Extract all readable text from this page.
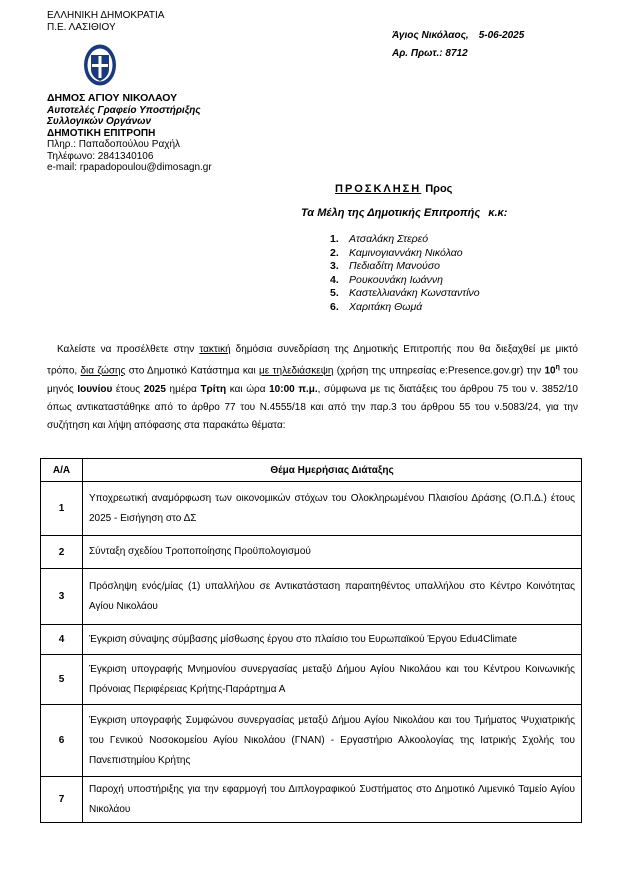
ΕΛΛΗΝΙΚΗ ΔΗΜΟΚΡΑΤΙΑ
Π.Ε. ΛΑΣΙΘΙΟΥ
ΔΗΜΟΣ ΑΓΙΟΥ ΝΙΚΟΛΑΟΥ
Αυτοτελές Γραφείο Υποστήριξης
Συλλογικών Οργάνων
ΔΗΜΟΤΙΚΗ ΕΠΙΤΡΟΠΗ
Πληρ.: Παπαδοπούλου Ραχήλ
Τηλέφωνο: 2841340106
e-mail: rpapadopoulou@dimosagn.gr
Άγιος Νικόλαος, 5-06-2025
Αρ. Πρωτ.: 8712
ΠΡΟΣΚΛΗΣΗ Προς
Τα Μέλη της Δημοτικής Επιτροπής κ.κ:
1. Ατσαλάκη Στερεό
2. Καμινογιαννάκη Νικόλαο
3. Πεδιαδίτη Μανούσο
4. Ρουκουνάκη Ιωάννη
5. Καστελλιανάκη Κωνσταντίνο
6. Χαριτάκη Θωμά
Καλείστε να προσέλθετε στην τακτική δημόσια συνεδρίαση της Δημοτικής Επιτροπής που θα διεξαχθεί με μικτό τρόπο, δια ζώσης στο Δημοτικό Κατάστημα και με τηλεδιάσκεψη (χρήση της υπηρεσίας e:Presence.gov.gr) την $10^\eta$ του μηνός Ιουνίου έτους 2025 ημέρα Τρίτη και ώρα 10:00 π.μ., σύμφωνα με τις διατάξεις του άρθρου 75 του ν. 3852/10 όπως αντικαταστάθηκε από το άρθρο 77 του Ν.4555/18 και από την παρ.3 του άρθρου 55 του ν.5083/24, για την συζήτηση και λήψη απόφασης στα παρακάτω θέματα:
Α/Α	Θέμα Ημερήσιας Διάταξης
1	Υποχρεωτική αναμόρφωση των οικονομικών στόχων του Ολοκληρωμένου Πλαισίου Δράσης (Ο.Π.Δ.) έτους 2025 - Εισήγηση στο ΔΣ
2	Σύνταξη σχεδίου Τροποποίησης Προϋπολογισμού
3	Πρόσληψη ενός/μίας (1) υπαλλήλου σε Αντικατάσταση παραιτηθέντος υπαλλήλου στο Κέντρο Κοινότητας Αγίου Νικολάου
4	Έγκριση σύναψης σύμβασης μίσθωσης έργου στο πλαίσιο του Ευρωπαϊκού Έργου Edu4Climate
5	Έγκριση υπογραφής Μνημονίου συνεργασίας μεταξύ Δήμου Αγίου Νικολάου και του Κέντρου Κοινωνικής Πρόνοιας Περιφέρειας Κρήτης-Παράρτημα Α
6	Έγκριση υπογραφής Συμφώνου συνεργασίας μεταξύ Δήμου Αγίου Νικολάου και του Τμήματος Ψυχιατρικής του Γενικού Νοσοκομείου Αγίου Νικολάου (ΓΝΑΝ) - Εργαστήριο Αλκοολογίας της Ιατρικής Σχολής του Πανεπιστημίου Κρήτης
7	Παροχή υποστήριξης για την εφαρμογή του Διπλογραφικού Συστήματος στο Δημοτικό Λιμενικό Ταμείο Αγίου Νικολάου
